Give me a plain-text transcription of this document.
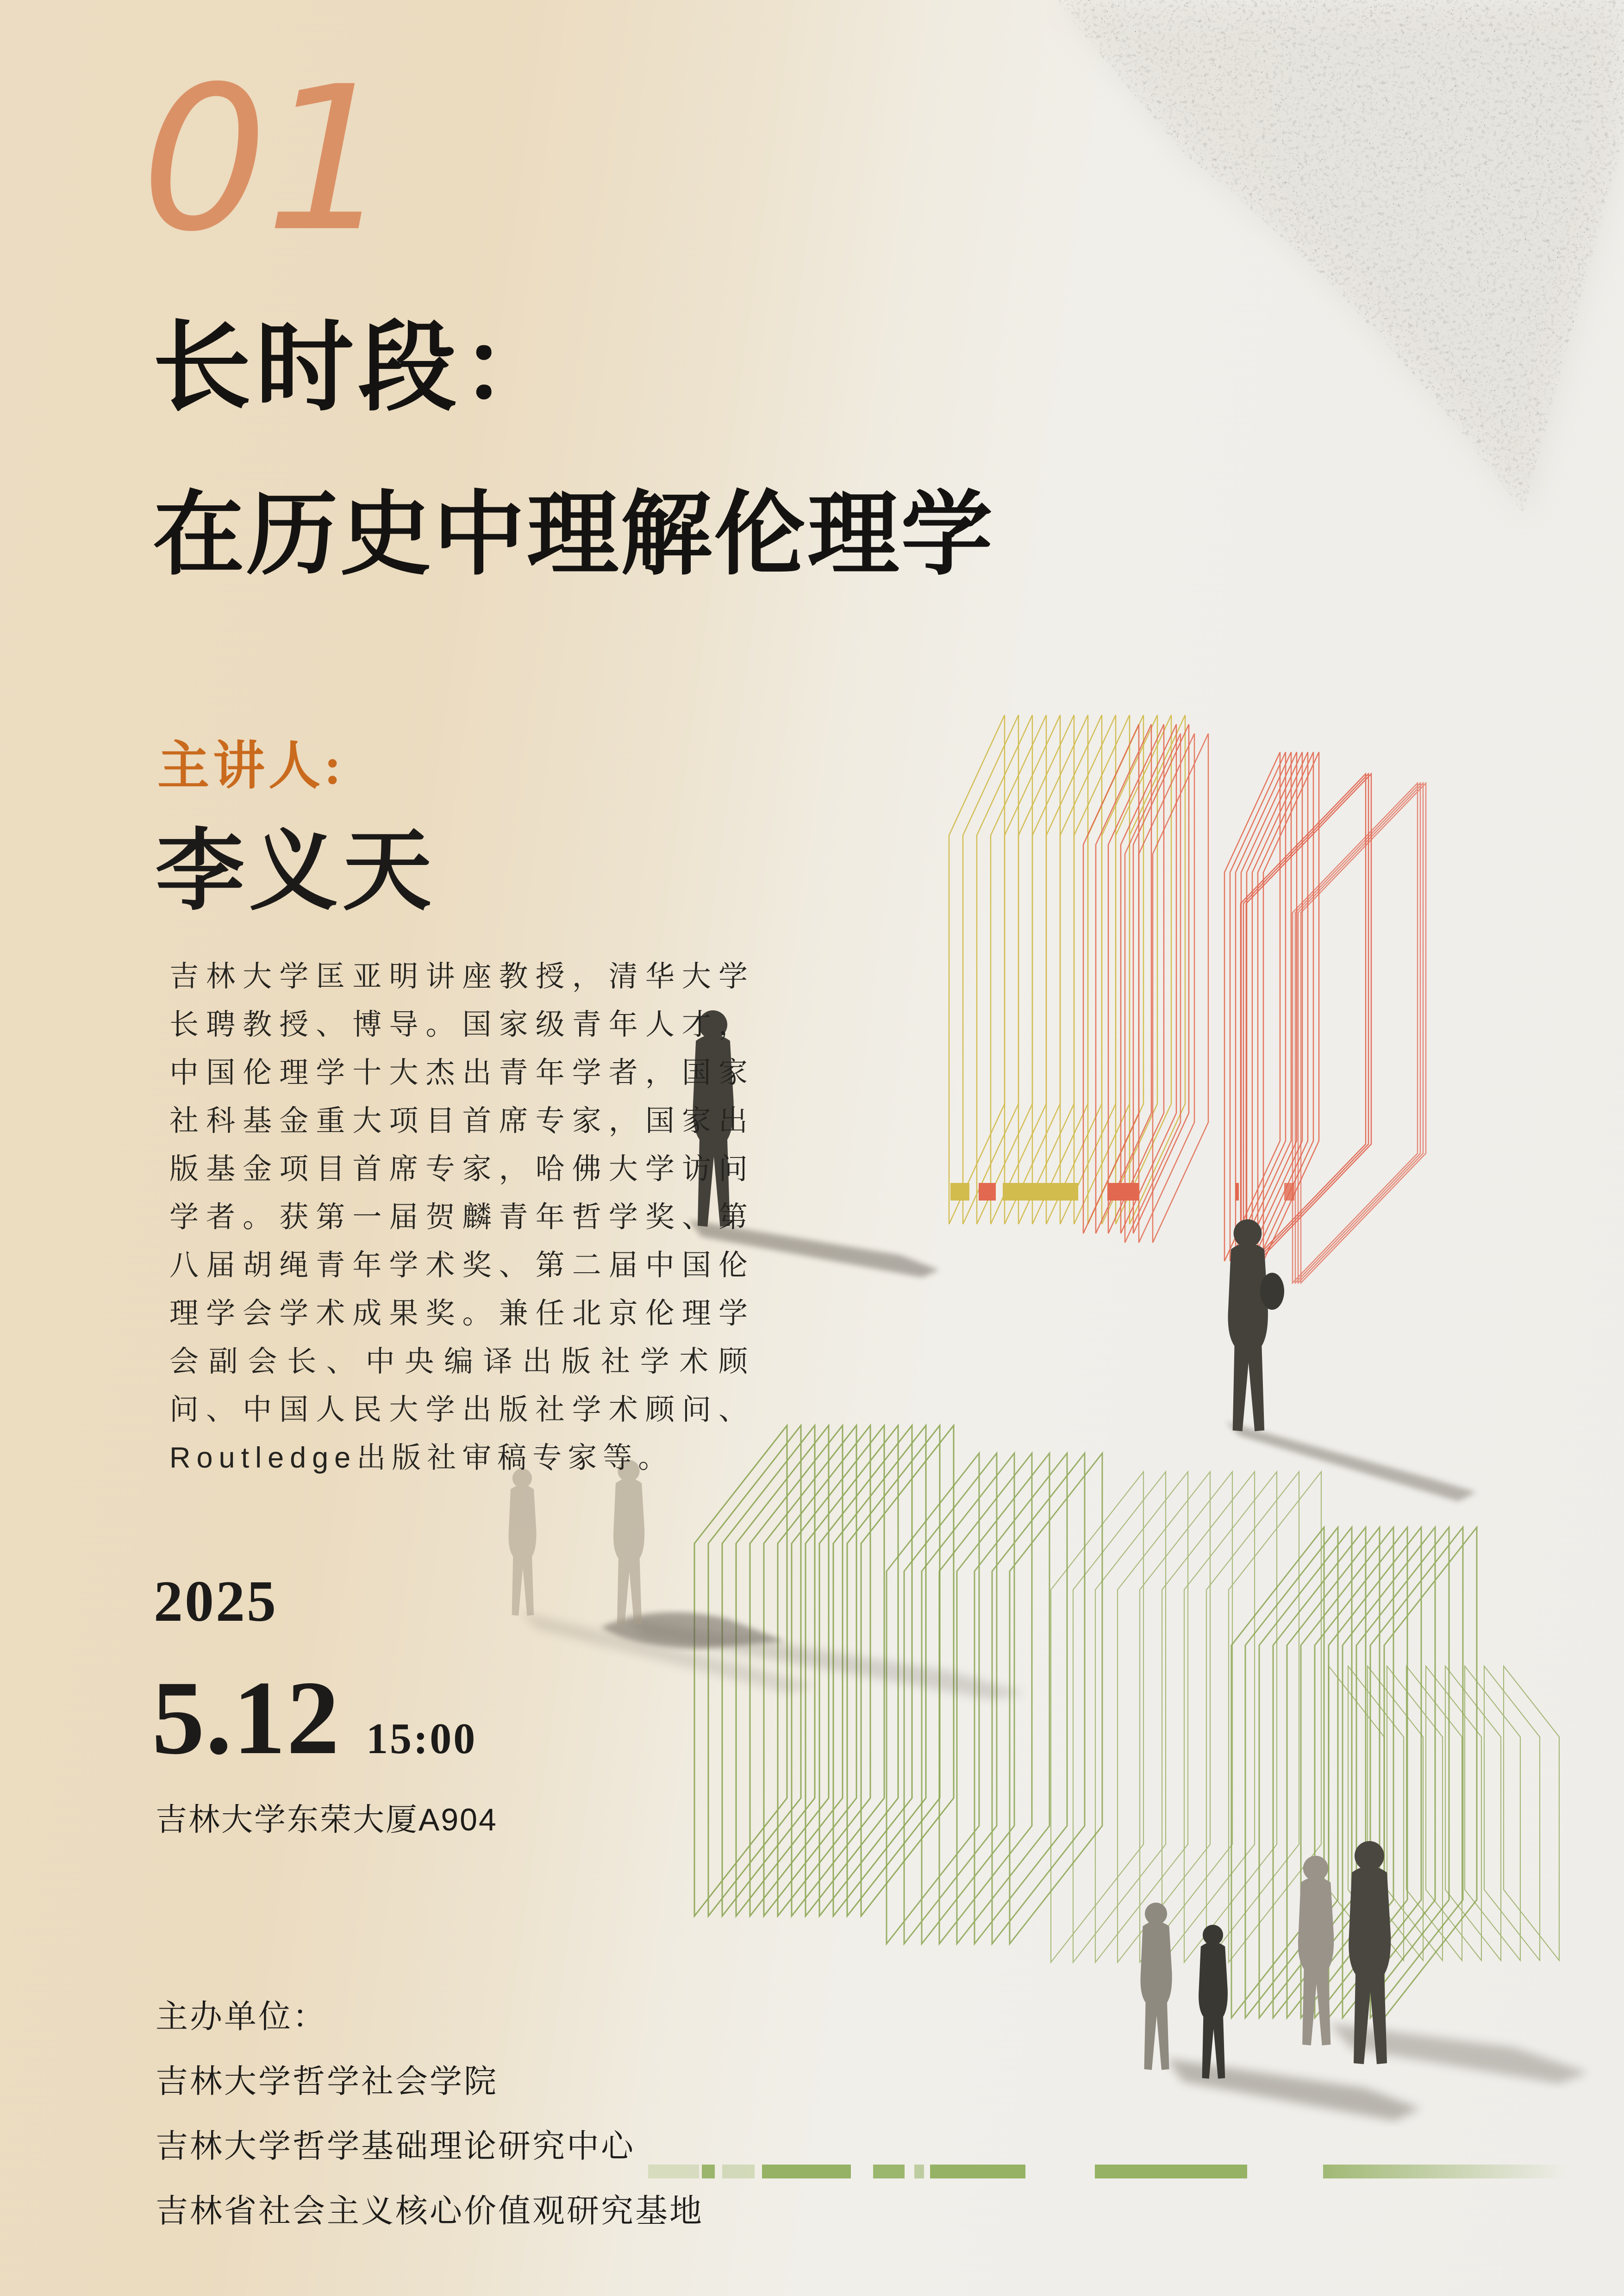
01
长时段：
在历史中理解伦理学
主讲人:
李义天
吉林大学匡亚明讲座教授，清华大学长聘教授、博导。国家级青年人才，中国伦理学十大杰出青年学者，国家社科基金重大项目首席专家，国家出版基金项目首席专家，哈佛大学访问学者。获第一届贺麟青年哲学奖、第八届胡绳青年学术奖、第二届中国伦理学会学术成果奖。兼任北京伦理学会副会长、中央编译出版社学术顾问、中国人民大学出版社学术顾问、Routledge出版社审稿专家等。
2025
5.12 15:00
吉林大学东荣大厦A904
主办单位：
吉林大学哲学社会学院
吉林大学哲学基础理论研究中心
吉林省社会主义核心价值观研究基地
